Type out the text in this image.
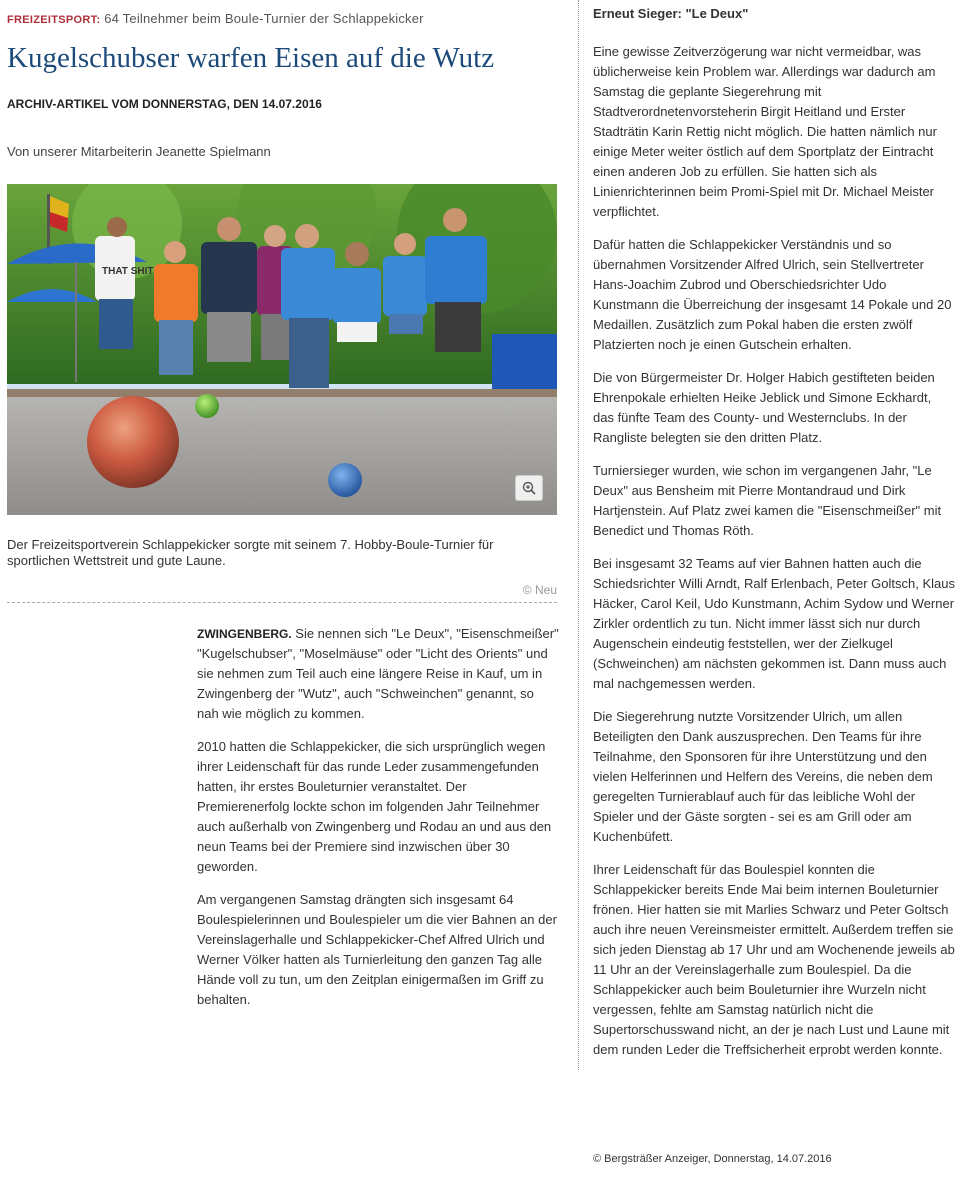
FREIZEITSPORT: 64 Teilnehmer beim Boule-Turnier der Schlappekicker
Kugelschubser warfen Eisen auf die Wutz
ARCHIV-ARTIKEL VOM DONNERSTAG, DEN 14.07.2016
Von unserer Mitarbeiterin Jeanette Spielmann
THAT SHIT
Der Freizeitsportverein Schlappekicker sorgte mit seinem 7. Hobby-Boule-Turnier für sportlichen Wettstreit und gute Laune.
© Neu

ZWINGENBERG. Sie nennen sich "Le Deux", "Eisenschmeißer" "Kugelschubser", "Moselmäuse" oder "Licht des Orients" und sie nehmen zum Teil auch eine längere Reise in Kauf, um in Zwingenberg der "Wutz", auch "Schweinchen" genannt, so nah wie möglich zu kommen.

2010 hatten die Schlappekicker, die sich ursprünglich wegen ihrer Leidenschaft für das runde Leder zusammengefunden hatten, ihr erstes Bouleturnier veranstaltet. Der Premierenerfolg lockte schon im folgenden Jahr Teilnehmer auch außerhalb von Zwingenberg und Rodau an und aus den neun Teams bei der Premiere sind inzwischen über 30 geworden.

Am vergangenen Samstag drängten sich insgesamt 64 Boulespielerinnen und Boulespieler um die vier Bahnen an der Vereinslagerhalle und Schlappekicker-Chef Alfred Ulrich und Werner Völker hatten als Turnierleitung den ganzen Tag alle Hände voll zu tun, um den Zeitplan einigermaßen im Griff zu behalten.

Erneut Sieger: "Le Deux"

Eine gewisse Zeitverzögerung war nicht vermeidbar, was üblicherweise kein Problem war. Allerdings war dadurch am Samstag die geplante Siegerehrung mit Stadtverordnetenvorsteherin Birgit Heitland und Erster Stadträtin Karin Rettig nicht möglich. Die hatten nämlich nur einige Meter weiter östlich auf dem Sportplatz der Eintracht einen anderen Job zu erfüllen. Sie hatten sich als Linienrichterinnen beim Promi-Spiel mit Dr. Michael Meister verpflichtet.

Dafür hatten die Schlappekicker Verständnis und so übernahmen Vorsitzender Alfred Ulrich, sein Stellvertreter Hans-Joachim Zubrod und Oberschiedsrichter Udo Kunstmann die Überreichung der insgesamt 14 Pokale und 20 Medaillen. Zusätzlich zum Pokal haben die ersten zwölf Platzierten noch je einen Gutschein erhalten.

Die von Bürgermeister Dr. Holger Habich gestifteten beiden Ehrenpokale erhielten Heike Jeblick und Simone Eckhardt, das fünfte Team des County- und Westernclubs. In der Rangliste belegten sie den dritten Platz.

Turniersieger wurden, wie schon im vergangenen Jahr, "Le Deux" aus Bensheim mit Pierre Montandraud und Dirk Hartjenstein. Auf Platz zwei kamen die "Eisenschmeißer" mit Benedict und Thomas Röth.

Bei insgesamt 32 Teams auf vier Bahnen hatten auch die Schiedsrichter Willi Arndt, Ralf Erlenbach, Peter Goltsch, Klaus Häcker, Carol Keil, Udo Kunstmann, Achim Sydow und Werner Zirkler ordentlich zu tun. Nicht immer lässt sich nur durch Augenschein eindeutig feststellen, wer der Zielkugel (Schweinchen) am nächsten gekommen ist. Dann muss auch mal nachgemessen werden.

Die Siegerehrung nutzte Vorsitzender Ulrich, um allen Beteiligten den Dank auszusprechen. Den Teams für ihre Teilnahme, den Sponsoren für ihre Unterstützung und den vielen Helferinnen und Helfern des Vereins, die neben dem geregelten Turnierablauf auch für das leibliche Wohl der Spieler und der Gäste sorgten - sei es am Grill oder am Kuchenbüfett.

Ihrer Leidenschaft für das Boulespiel konnten die Schlappekicker bereits Ende Mai beim internen Bouleturnier frönen. Hier hatten sie mit Marlies Schwarz und Peter Goltsch auch ihre neuen Vereinsmeister ermittelt. Außerdem treffen sie sich jeden Dienstag ab 17 Uhr und am Wochenende jeweils ab 11 Uhr an der Vereinslagerhalle zum Boulespiel. Da die Schlappekicker auch beim Bouleturnier ihre Wurzeln nicht vergessen, fehlte am Samstag natürlich nicht die Supertorschusswand nicht, an der je nach Lust und Laune mit dem runden Leder die Treffsicherheit erprobt werden konnte.

© Bergsträßer Anzeiger, Donnerstag, 14.07.2016
